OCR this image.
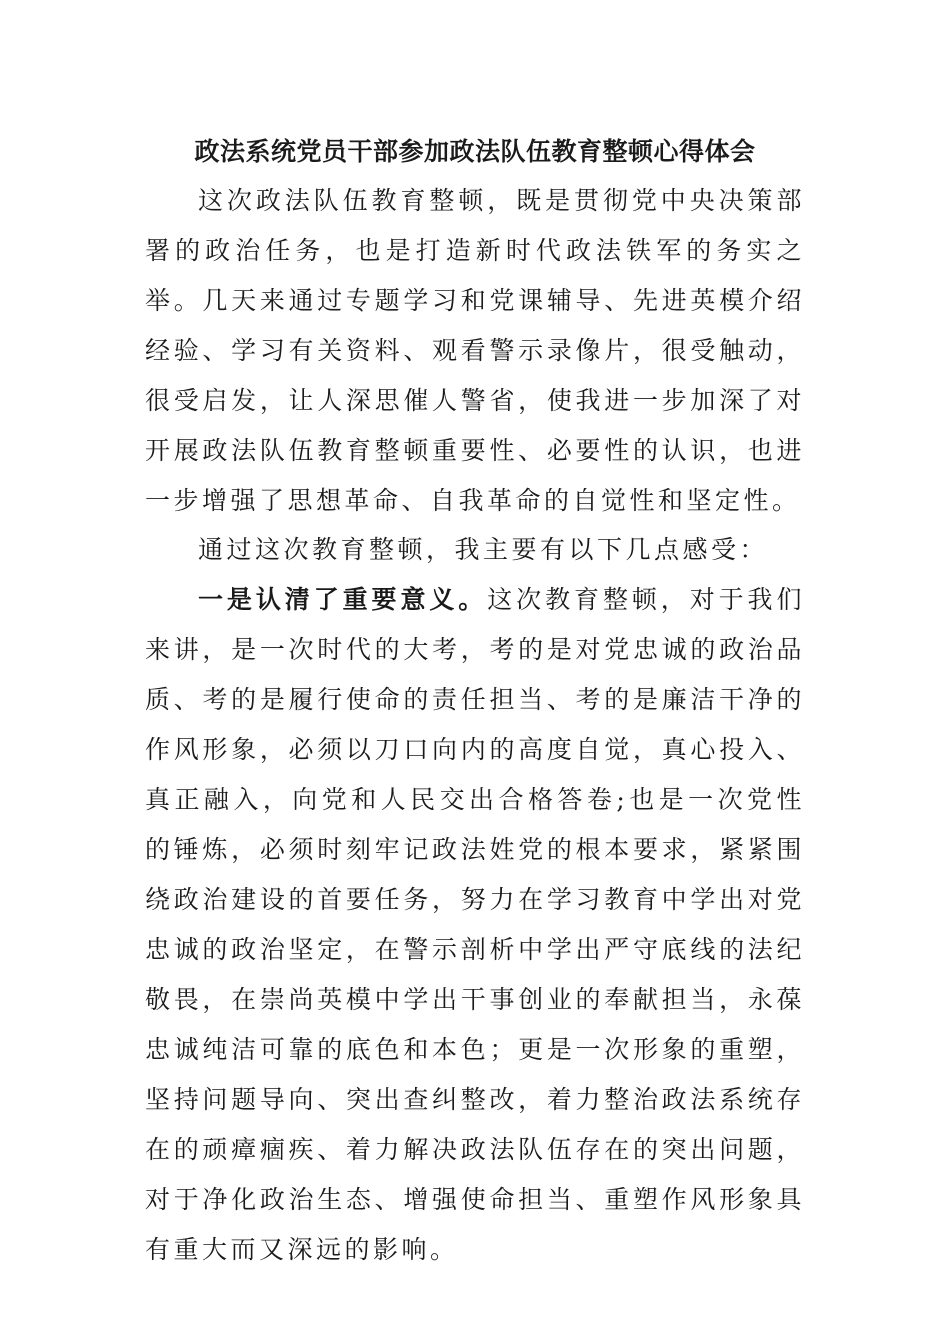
政法系统党员干部参加政法队伍教育整顿心得体会

这次政法队伍教育整顿，既是贯彻党中央决策部署的政治任务，也是打造新时代政法铁军的务实之举。几天来通过专题学习和党课辅导、先进英模介绍经验、学习有关资料、观看警示录像片，很受触动，很受启发，让人深思催人警省，使我进一步加深了对开展政法队伍教育整顿重要性、必要性的认识，也进一步增强了思想革命、自我革命的自觉性和坚定性。

通过这次教育整顿，我主要有以下几点感受：

一是认清了重要意义。这次教育整顿，对于我们来讲，是一次时代的大考，考的是对党忠诚的政治品质、考的是履行使命的责任担当、考的是廉洁干净的作风形象，必须以刀口向内的高度自觉，真心投入、真正融入，向党和人民交出合格答卷;也是一次党性的锤炼，必须时刻牢记政法姓党的根本要求，紧紧围绕政治建设的首要任务，努力在学习教育中学出对党忠诚的政治坚定，在警示剖析中学出严守底线的法纪敬畏，在崇尚英模中学出干事创业的奉献担当，永葆忠诚纯洁可靠的底色和本色；更是一次形象的重塑，坚持问题导向、突出查纠整改，着力整治政法系统存在的顽瘴痼疾、着力解决政法队伍存在的突出问题，对于净化政治生态、增强使命担当、重塑作风形象具有重大而又深远的影响。
